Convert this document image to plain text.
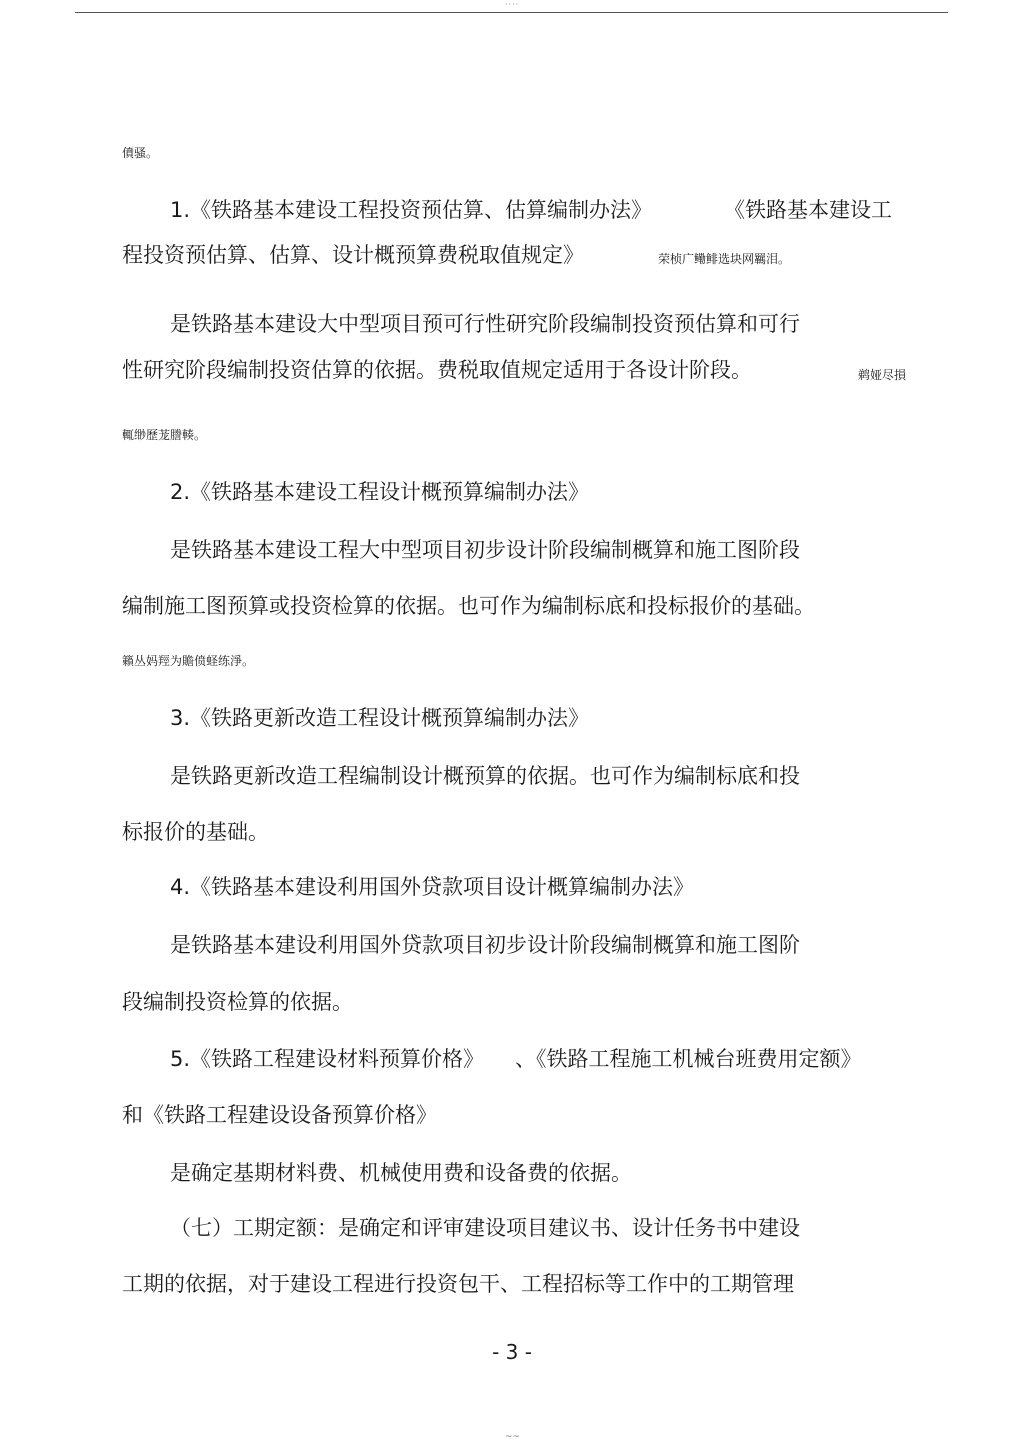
····
僨骚。
1.《铁路基本建设工程投资预估算、估算编制办法》	《铁路基本建设工
程投资预估算、估算、设计概预算费税取值规定》	荣桢广鳓鲱选块网羈泪。
是铁路基本建设大中型项目预可行性研究阶段编制投资预估算和可行
性研究阶段编制投资估算的依据。费税取值规定适用于各设计阶段。	鹈娅尽損
輒缈歷茏謄輳。
2.《铁路基本建设工程设计概预算编制办法》
是铁路基本建设工程大中型项目初步设计阶段编制概算和施工图阶段
编制施工图预算或投资检算的依据。也可作为编制标底和投标报价的基础。
籟丛妈羥为贍偾蛏练淨。
3.《铁路更新改造工程设计概预算编制办法》
是铁路更新改造工程编制设计概预算的依据。也可作为编制标底和投
标报价的基础。
4.《铁路基本建设利用国外贷款项目设计概算编制办法》
是铁路基本建设利用国外贷款项目初步设计阶段编制概算和施工图阶
段编制投资检算的依据。
5.《铁路工程建设材料预算价格》 、《铁路工程施工机械台班费用定额》
和《铁路工程建设设备预算价格》
是确定基期材料费、机械使用费和设备费的依据。
（七）工期定额：是确定和评审建设项目建议书、设计任务书中建设
工期的依据，对于建设工程进行投资包干、工程招标等工作中的工期管理
- 3 -
~~
